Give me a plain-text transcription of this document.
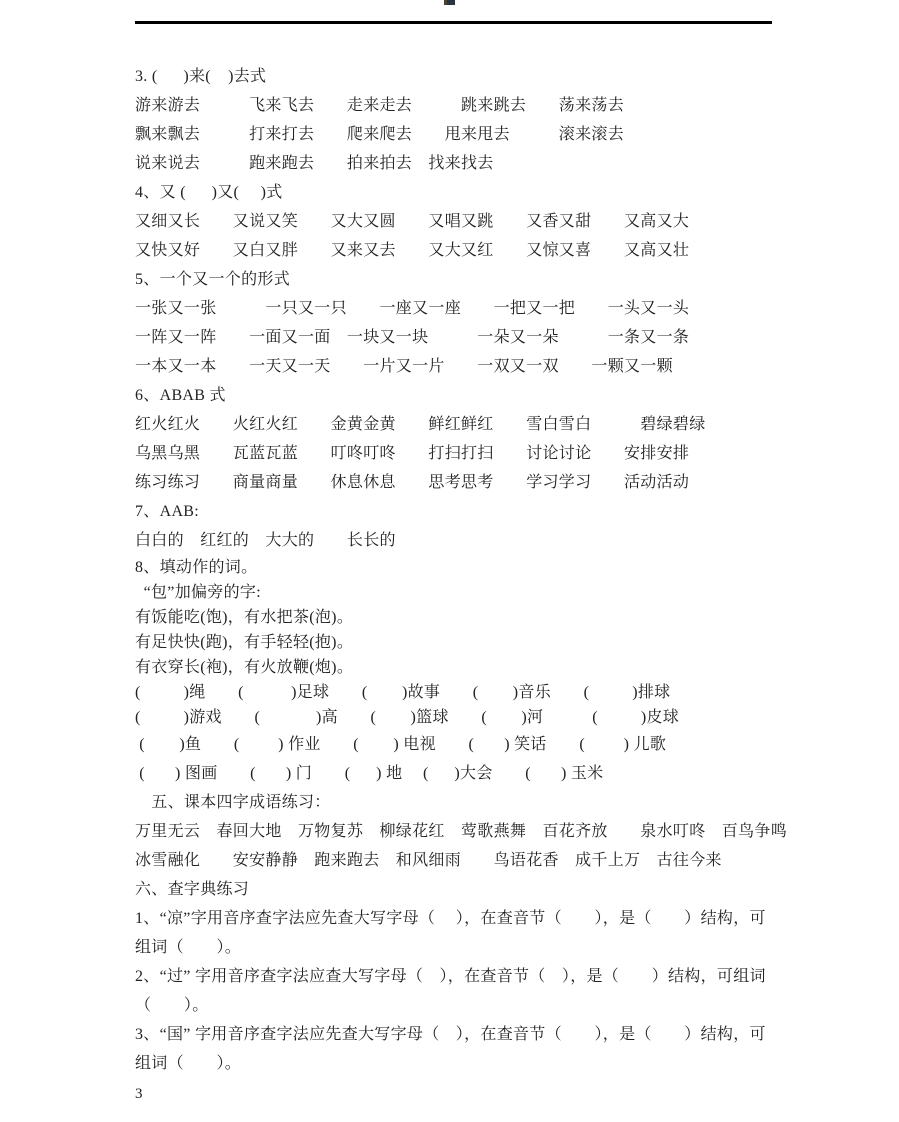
3. (      )来(    )去式
游来游去　　　飞来飞去　　走来走去　　　跳来跳去　　荡来荡去
飘来飘去　　　打来打去　　爬来爬去　　甩来甩去　　　滚来滚去
说来说去　　　跑来跑去　　拍来拍去　找来找去
4、又 (      )又(     )式
又细又长　　又说又笑　　又大又圆　　又唱又跳　　又香又甜　　又高又大
又快又好　　又白又胖　　又来又去　　又大又红　　又惊又喜　　又高又壮
5、一个又一个的形式
一张又一张　　　一只又一只　　一座又一座　　一把又一把　　一头又一头
一阵又一阵　　一面又一面　一块又一块　　　一朵又一朵　　　一条又一条
一本又一本　　一天又一天　　一片又一片　　一双又一双　　一颗又一颗
6、ABAB 式
红火红火　　火红火红　　金黄金黄　　鲜红鲜红　　雪白雪白　　　碧绿碧绿
乌黑乌黑　　瓦蓝瓦蓝　　叮咚叮咚　　打扫打扫　　讨论讨论　　安排安排
练习练习　　商量商量　　休息休息　　思考思考　　学习学习　　活动活动
7、AAB:
白白的　红红的　大大的　　长长的
8、填动作的词。
“包”加偏旁的字:
有饭能吃(饱)，有水把茶(泡)。
有足快快(跑)，有手轻轻(抱)。
有衣穿长(袍)，有火放鞭(炮)。
(          )绳　　(           )足球　　(        )故事　　(        )音乐　　(          )排球
(          )游戏　　(             )高　　(        )篮球　　(        )河　　　(          )皮球
(        )鱼　　(         ) 作业　　(        ) 电视　　(       ) 笑话　　(         ) 儿歌
(       ) 图画　　(       ) 门　　(      ) 地　 (      )大会　　(       ) 玉米
　五、课本四字成语练习：
万里无云　春回大地　万物复苏　柳绿花红　莺歌燕舞　百花齐放　　泉水叮咚　百鸟争鸣
冰雪融化　　安安静静　跑来跑去　和风细雨　　鸟语花香　成千上万　古往今来
六、查字典练习
1、“凉”字用音序查字法应先查大写字母（　 ），在查音节（　　），是（　　）结构，可
组词（　　）。
2、“过” 字用音序查字法应查大写字母（　），在查音节（　），是（　　）结构，可组词
（　　）。
3、“国” 字用音序查字法应先查大写字母（　），在查音节（　　），是（　　）结构，可
组词（　　）。
3
